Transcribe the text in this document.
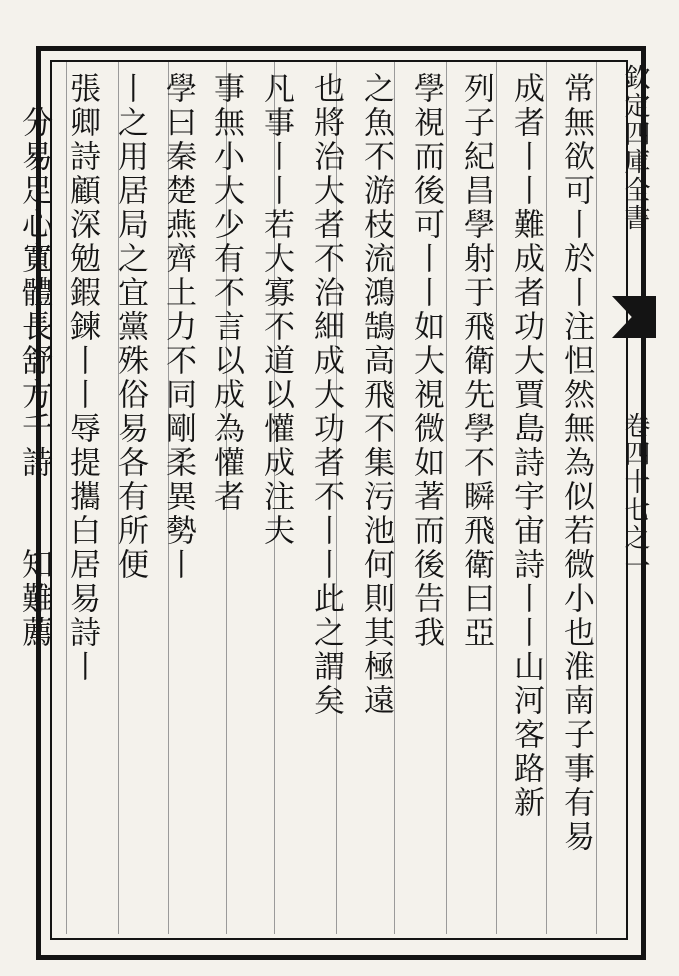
欽定四庫全書
卷四十七之一
常無欲可丨於丨注怛然無為似若微小也淮南子事有易
成者丨丨難成者功大賈島詩宇宙詩丨丨山河客路新
列子紀昌學射于飛衛先學不瞬飛衛曰亞
學視而後可丨丨如大視微如著而後告我
之魚不游枝流鴻鵠高飛不集污池何則其極遠
也將治大者不治細成大功者不丨丨此之謂矣
凡事丨丨若大寡不道以懽成注夫
事無小大少有不言以成為懽者
學曰秦楚燕齊土力不同剛柔異勢丨
丨之用居局之宜黨殊俗易各有所便
張卿詩顧深勉鍜鍊丨丨辱提攜白居易詩丨
丨分易足心寬體長舒方千詩丨丨知難薦
